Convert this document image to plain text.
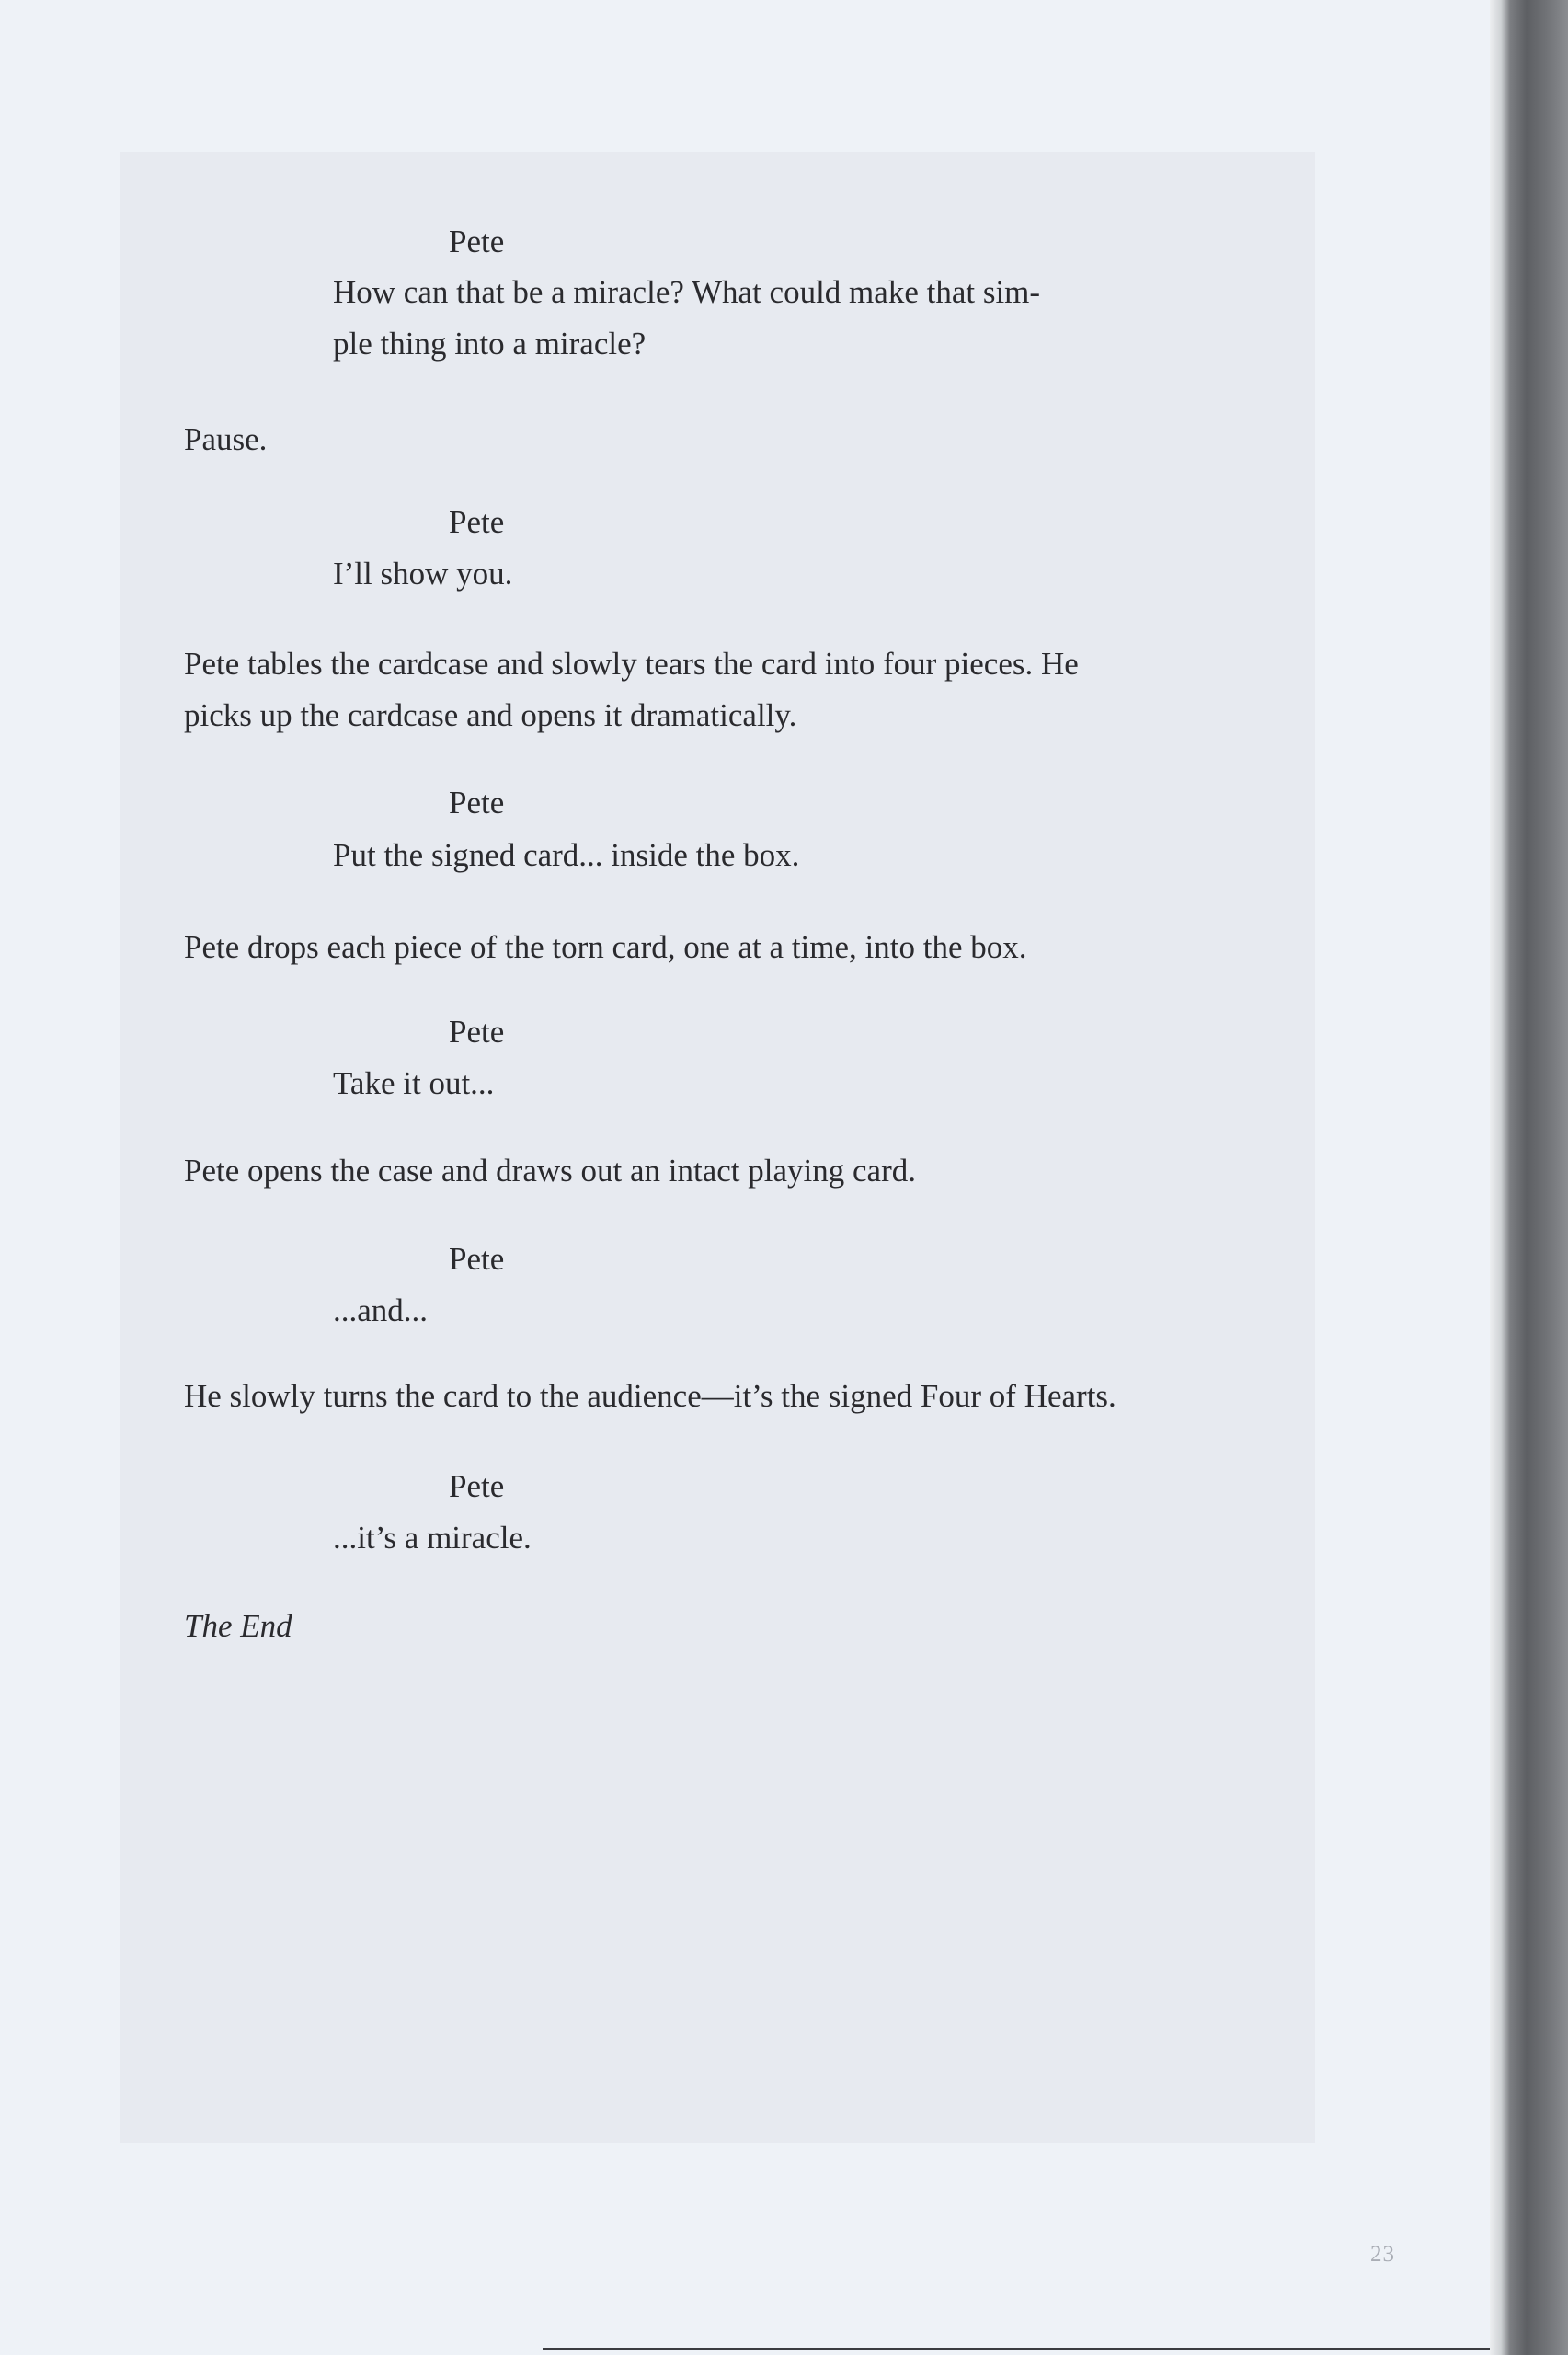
Pete

How can that be a miracle? What could make that sim-

ple thing into a miracle?

Pause.

Pete

I’ll show you.

Pete tables the cardcase and slowly tears the card into four pieces. He

picks up the cardcase and opens it dramatically.

Pete

Put the signed card... inside the box.

Pete drops each piece of the torn card, one at a time, into the box.

Pete

Take it out...

Pete opens the case and draws out an intact playing card.

Pete

...and...

He slowly turns the card to the audience—it’s the signed Four of Hearts.

Pete

...it’s a miracle.

The End

23
